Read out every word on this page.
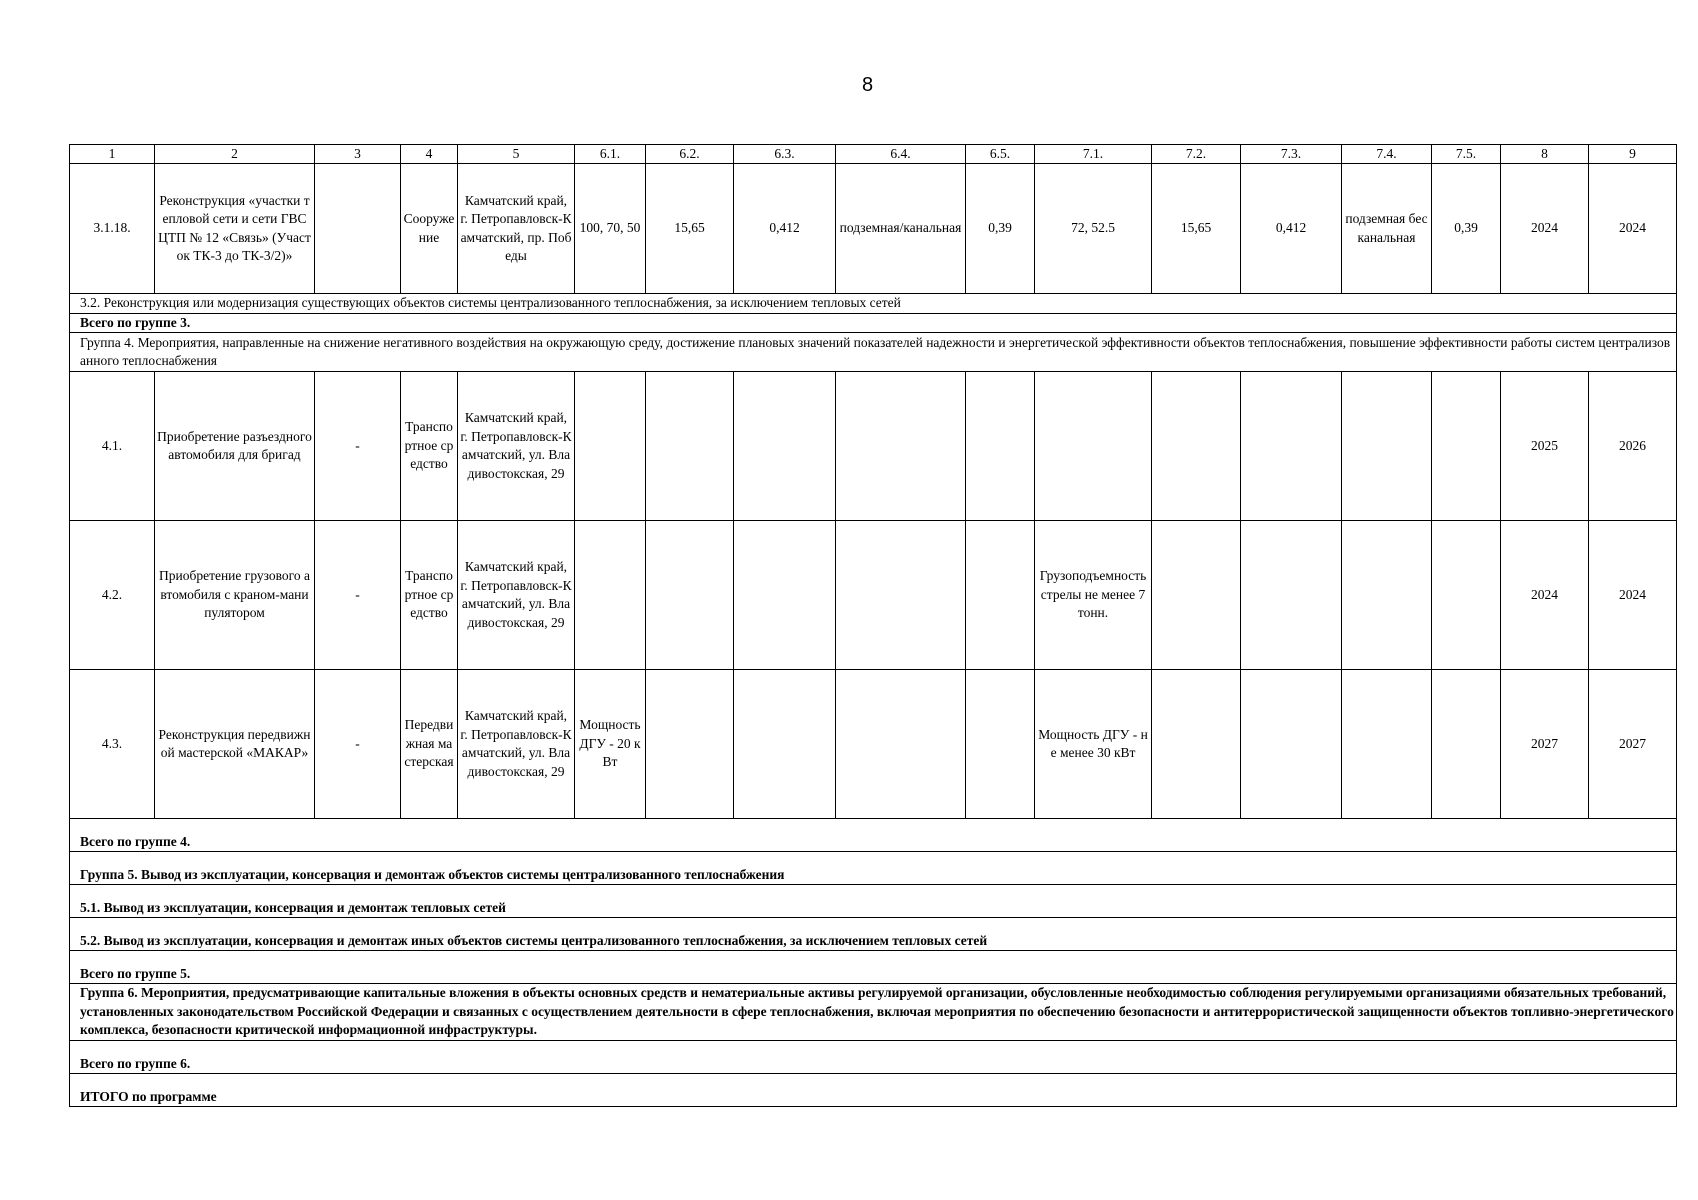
8
1	2	3	4	5	6.1.	6.2.	6.3.	6.4.	6.5.	7.1.	7.2.	7.3.	7.4.	7.5.	8	9
3.1.18.	Реконструкция «участки тепловой сети и сети ГВС ЦТП № 12 «Связь» (Участок ТК-3 до ТК-3/2)»		Сооружение	Камчатский край, г. Петропавловск-Камчатский, пр. Победы	100, 70, 50	15,65	0,412	подземная/канальная	0,39	72, 52.5	15,65	0,412	подземная бесканальная	0,39	2024	2024
3.2. Реконструкция или модернизация существующих объектов системы централизованного теплоснабжения, за исключением тепловых сетей																
Всего по группе 3.																
Группа 4. Мероприятия, направленные на снижение негативного воздействия на окружающую среду, достижение плановых значений показателей надежности и энергетической эффективности объектов теплоснабжения, повышение эффективности работы систем централизованного теплоснабжения																
4.1.	Приобретение разъездного автомобиля для бригад	-	Транспортное средство	Камчатский край, г. Петропавловск-Камчатский, ул. Владивостокская, 29											2025	2026
4.2.	Приобретение грузового автомобиля с краном-манипулятором	-	Транспортное средство	Камчатский край, г. Петропавловск-Камчатский, ул. Владивостокская, 29						Грузоподъемность стрелы не менее 7 тонн.					2024	2024
4.3.	Реконструкция передвижной мастерской «МАКАР»	-	Передвижная мастерская	Камчатский край, г. Петропавловск-Камчатский, ул. Владивостокская, 29	Мощность ДГУ - 20 кВт					Мощность ДГУ - не менее 30 кВт					2027	2027
Всего по группе 4.																
Группа 5. Вывод из эксплуатации, консервация и демонтаж объектов системы централизованного теплоснабжения																
5.1. Вывод из эксплуатации, консервация и демонтаж тепловых сетей																
5.2. Вывод из эксплуатации, консервация и демонтаж иных объектов системы централизованного теплоснабжения, за исключением тепловых сетей																
Всего по группе 5.																
Группа 6. Мероприятия, предусматривающие капитальные вложения в объекты основных средств и нематериальные активы регулируемой организации, обусловленные необходимостью соблюдения регулируемыми организациями обязательных требований, установленных законодательством Российской Федерации и связанных с осуществлением деятельности в сфере теплоснабжения, включая мероприятия по обеспечению безопасности и антитеррористической защищенности объектов топливно-энергетического комплекса, безопасности критической информационной инфраструктуры.																
Всего по группе 6.																
ИТОГО по программе																
